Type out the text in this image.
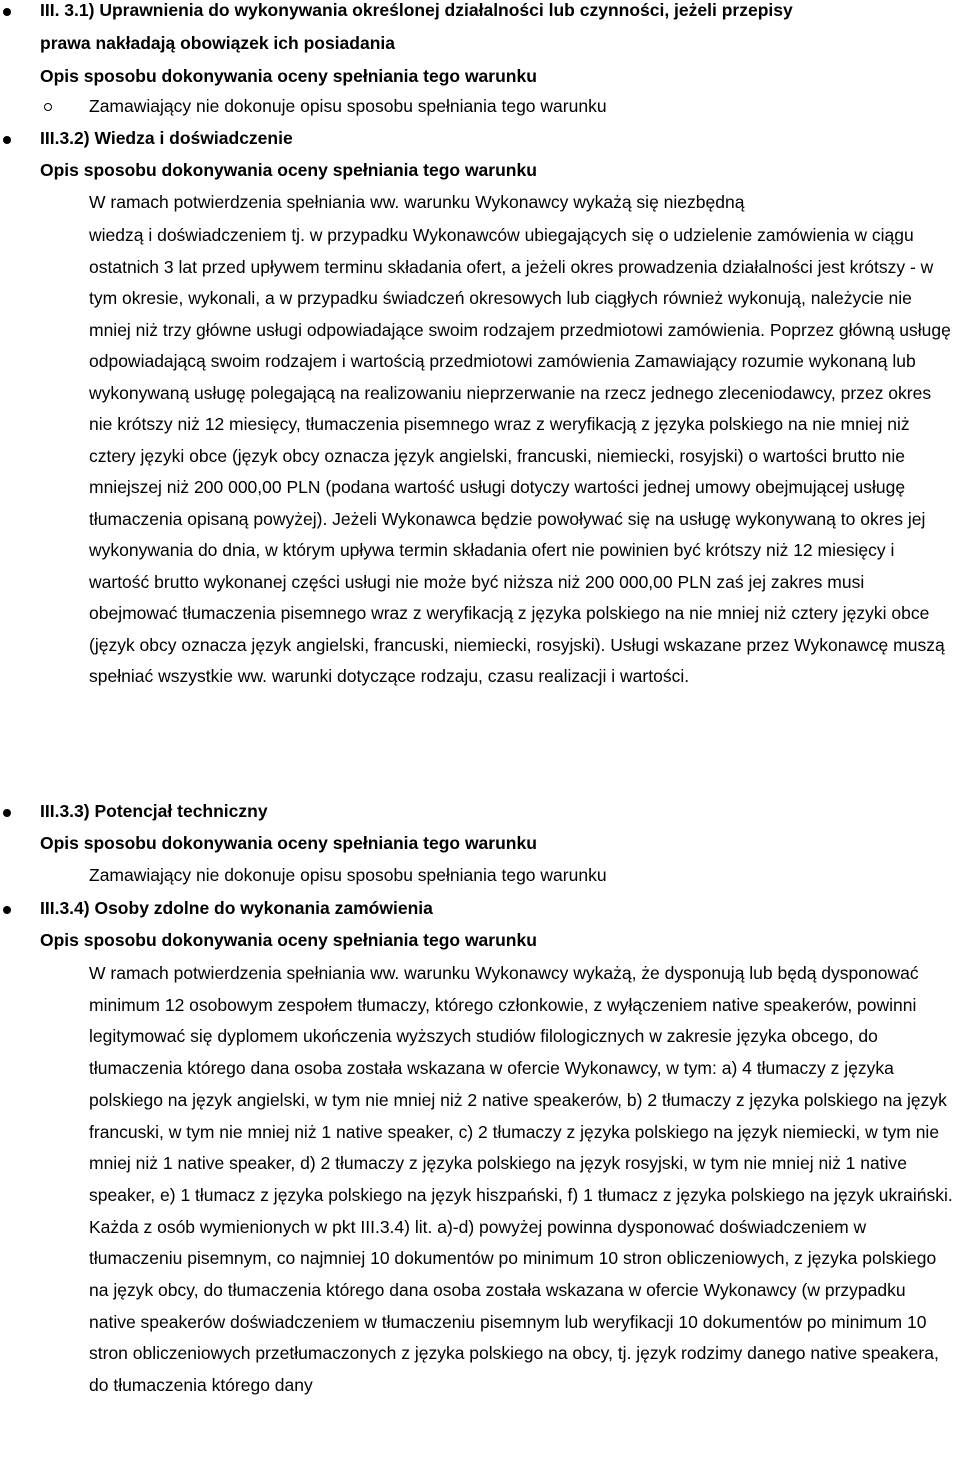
III. 3.1) Uprawnienia do wykonywania określonej działalności lub czynności, jeżeli przepisy
prawa nakładają obowiązek ich posiadania
Opis sposobu dokonywania oceny spełniania tego warunku
Zamawiający nie dokonuje opisu sposobu spełniania tego warunku
III.3.2) Wiedza i doświadczenie
Opis sposobu dokonywania oceny spełniania tego warunku
W ramach potwierdzenia spełniania ww. warunku Wykonawcy wykażą się niezbędną
wiedzą i doświadczeniem tj. w przypadku Wykonawców ubiegających się o udzielenie zamówienia w ciągu ostatnich 3 lat przed upływem terminu składania ofert, a jeżeli okres prowadzenia działalności jest krótszy - w tym okresie, wykonali, a w przypadku świadczeń okresowych lub ciągłych również wykonują, należycie nie mniej niż trzy główne usługi odpowiadające swoim rodzajem przedmiotowi zamówienia. Poprzez główną usługę odpowiadającą swoim rodzajem i wartością przedmiotowi zamówienia Zamawiający rozumie wykonaną lub wykonywaną usługę polegającą na realizowaniu nieprzerwanie na rzecz jednego zleceniodawcy, przez okres nie krótszy niż 12 miesięcy, tłumaczenia pisemnego wraz z weryfikacją z języka polskiego na nie mniej niż cztery języki obce (język obcy oznacza język angielski, francuski, niemiecki, rosyjski) o wartości brutto nie mniejszej niż 200 000,00 PLN (podana wartość usługi dotyczy wartości jednej umowy obejmującej usługę tłumaczenia opisaną powyżej). Jeżeli Wykonawca będzie powoływać się na usługę wykonywaną to okres jej wykonywania do dnia, w którym upływa termin składania ofert nie powinien być krótszy niż 12 miesięcy i wartość brutto wykonanej części usługi nie może być niższa niż 200 000,00 PLN zaś jej zakres musi obejmować tłumaczenia pisemnego wraz z weryfikacją z języka polskiego na nie mniej niż cztery języki obce (język obcy oznacza język angielski, francuski, niemiecki, rosyjski). Usługi wskazane przez Wykonawcę muszą spełniać wszystkie ww. warunki dotyczące rodzaju, czasu realizacji i wartości.
III.3.3) Potencjał techniczny
Opis sposobu dokonywania oceny spełniania tego warunku
Zamawiający nie dokonuje opisu sposobu spełniania tego warunku
III.3.4) Osoby zdolne do wykonania zamówienia
Opis sposobu dokonywania oceny spełniania tego warunku
W ramach potwierdzenia spełniania ww. warunku Wykonawcy wykażą, że dysponują lub będą dysponować minimum 12 osobowym zespołem tłumaczy, którego członkowie, z wyłączeniem native speakerów, powinni legitymować się dyplomem ukończenia wyższych studiów filologicznych w zakresie języka obcego, do tłumaczenia którego dana osoba została wskazana w ofercie Wykonawcy, w tym: a) 4 tłumaczy z języka polskiego na język angielski, w tym nie mniej niż 2 native speakerów, b) 2 tłumaczy z języka polskiego na język francuski, w tym nie mniej niż 1 native speaker, c) 2 tłumaczy z języka polskiego na język niemiecki, w tym nie mniej niż 1 native speaker, d) 2 tłumaczy z języka polskiego na język rosyjski, w tym nie mniej niż 1 native speaker, e) 1 tłumacz z języka polskiego na język hiszpański, f) 1 tłumacz z języka polskiego na język ukraiński. Każda z osób wymienionych w pkt III.3.4) lit. a)-d) powyżej powinna dysponować doświadczeniem w tłumaczeniu pisemnym, co najmniej 10 dokumentów po minimum 10 stron obliczeniowych, z języka polskiego na język obcy, do tłumaczenia którego dana osoba została wskazana w ofercie Wykonawcy (w przypadku native speakerów doświadczeniem w tłumaczeniu pisemnym lub weryfikacji 10 dokumentów po minimum 10 stron obliczeniowych przetłumaczonych z języka polskiego na obcy, tj. język rodzimy danego native speakera, do tłumaczenia którego dany
